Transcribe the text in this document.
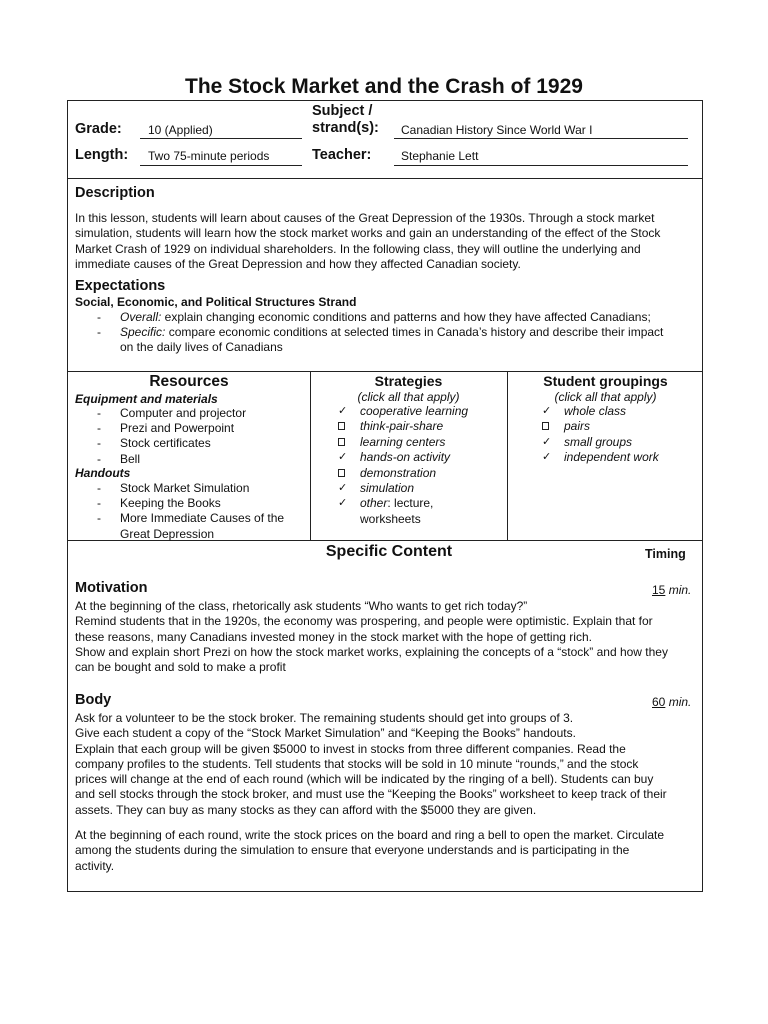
The Stock Market and the Crash of 1929
Grade: 10 (Applied)
Subject /
strand(s): Canadian History Since World War I
Length: Two 75-minute periods	Teacher: Stephanie Lett
Description
In this lesson, students will learn about causes of the Great Depression of the 1930s. Through a stock market
simulation, students will learn how the stock market works and gain an understanding of the effect of the Stock
Market Crash of 1929 on individual shareholders. In the following class, they will outline the underlying and
immediate causes of the Great Depression and how they affected Canadian society.
Expectations
Social, Economic, and Political Structures Strand
- Overall: explain changing economic conditions and patterns and how they have affected Canadians;
- Specific: compare economic conditions at selected times in Canada’s history and describe their impact
on the daily lives of Canadians
Resources
Equipment and materials
- Computer and projector
- Prezi and Powerpoint
- Stock certificates
- Bell
Handouts
- Stock Market Simulation
- Keeping the Books
- More Immediate Causes of the
Great Depression
Strategies
(click all that apply)
✓ cooperative learning
think-pair-share
learning centers
✓ hands-on activity
demonstration
✓ simulation
✓ other: lecture,
worksheets
Student groupings
(click all that apply)
✓ whole class
pairs
✓ small groups
✓ independent work
Specific Content	Timing
Motivation	15 min.
At the beginning of the class, rhetorically ask students “Who wants to get rich today?”
Remind students that in the 1920s, the economy was prospering, and people were optimistic. Explain that for
these reasons, many Canadians invested money in the stock market with the hope of getting rich.
Show and explain short Prezi on how the stock market works, explaining the concepts of a “stock” and how they
can be bought and sold to make a profit
Body	60 min.
Ask for a volunteer to be the stock broker. The remaining students should get into groups of 3.
Give each student a copy of the “Stock Market Simulation” and “Keeping the Books” handouts.
Explain that each group will be given $5000 to invest in stocks from three different companies. Read the
company profiles to the students. Tell students that stocks will be sold in 10 minute “rounds,” and the stock
prices will change at the end of each round (which will be indicated by the ringing of a bell). Students can buy
and sell stocks through the stock broker, and must use the “Keeping the Books” worksheet to keep track of their
assets. They can buy as many stocks as they can afford with the $5000 they are given.
At the beginning of each round, write the stock prices on the board and ring a bell to open the market. Circulate
among the students during the simulation to ensure that everyone understands and is participating in the
activity.
